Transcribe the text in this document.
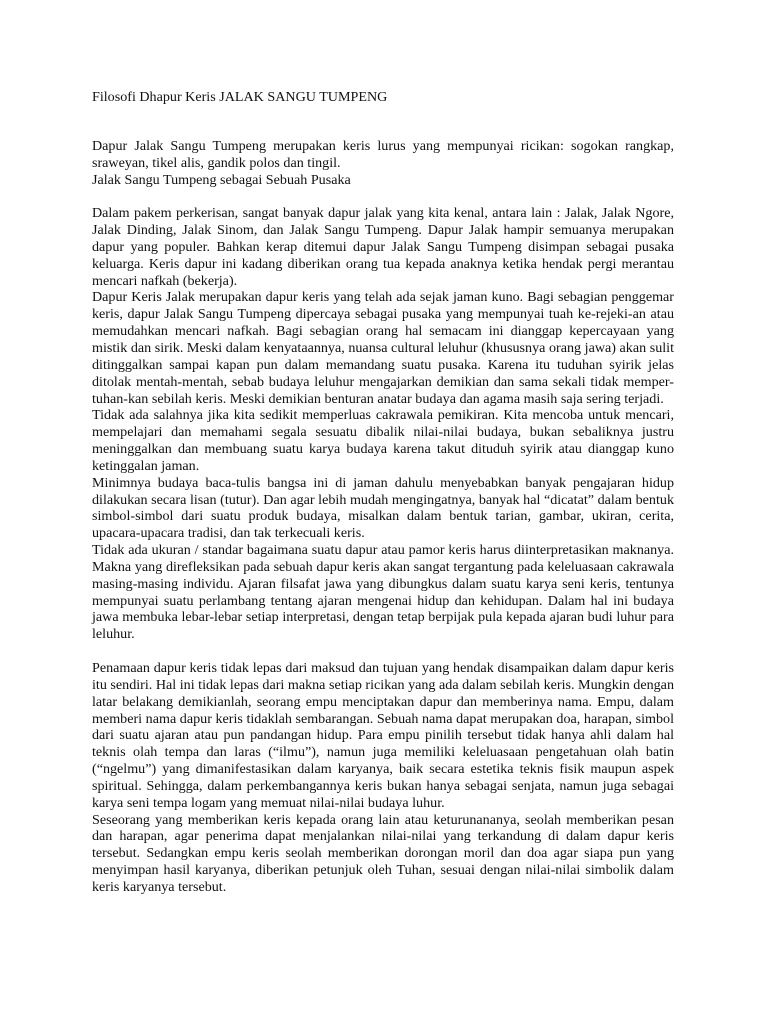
Filosofi Dhapur Keris JALAK SANGU TUMPENG

Dapur Jalak Sangu Tumpeng merupakan keris lurus yang mempunyai ricikan: sogokan rangkap, sraweyan, tikel alis, gandik polos dan tingil.

Jalak Sangu Tumpeng sebagai Sebuah Pusaka

Dalam pakem perkerisan, sangat banyak dapur jalak yang kita kenal, antara lain : Jalak, Jalak Ngore, Jalak Dinding, Jalak Sinom, dan Jalak Sangu Tumpeng. Dapur Jalak hampir semuanya merupakan dapur yang populer. Bahkan kerap ditemui dapur Jalak Sangu Tumpeng disimpan sebagai pusaka keluarga. Keris dapur ini kadang diberikan orang tua kepada anaknya ketika hendak pergi merantau mencari nafkah (bekerja).

Dapur Keris Jalak merupakan dapur keris yang telah ada sejak jaman kuno. Bagi sebagian penggemar keris, dapur Jalak Sangu Tumpeng dipercaya sebagai pusaka yang mempunyai tuah ke-rejeki-an atau memudahkan mencari nafkah. Bagi sebagian orang hal semacam ini dianggap kepercayaan yang mistik dan sirik. Meski dalam kenyataannya, nuansa cultural leluhur (khususnya orang jawa) akan sulit ditinggalkan sampai kapan pun dalam memandang suatu pusaka. Karena itu tuduhan syirik jelas ditolak mentah-mentah, sebab budaya leluhur mengajarkan demikian dan sama sekali tidak memper-tuhan-kan sebilah keris. Meski demikian benturan anatar budaya dan agama masih saja sering terjadi.

Tidak ada salahnya jika kita sedikit memperluas cakrawala pemikiran. Kita mencoba untuk mencari, mempelajari dan memahami segala sesuatu dibalik nilai-nilai budaya, bukan sebaliknya justru meninggalkan dan membuang suatu karya budaya karena takut dituduh syirik atau dianggap kuno ketinggalan jaman.

Minimnya budaya baca-tulis bangsa ini di jaman dahulu menyebabkan banyak pengajaran hidup dilakukan secara lisan (tutur). Dan agar lebih mudah mengingatnya, banyak hal “dicatat” dalam bentuk simbol-simbol dari suatu produk budaya, misalkan dalam bentuk tarian, gambar, ukiran, cerita, upacara-upacara tradisi, dan tak terkecuali keris.

Tidak ada ukuran / standar bagaimana suatu dapur atau pamor keris harus diinterpretasikan maknanya. Makna yang direfleksikan pada sebuah dapur keris akan sangat tergantung pada keleluasaan cakrawala masing-masing individu. Ajaran filsafat jawa yang dibungkus dalam suatu karya seni keris, tentunya mempunyai suatu perlambang tentang ajaran mengenai hidup dan kehidupan. Dalam hal ini budaya jawa membuka lebar-lebar setiap interpretasi, dengan tetap berpijak pula kepada ajaran budi luhur para leluhur.

Penamaan dapur keris tidak lepas dari maksud dan tujuan yang hendak disampaikan dalam dapur keris itu sendiri. Hal ini tidak lepas dari makna setiap ricikan yang ada dalam sebilah keris. Mungkin dengan latar belakang demikianlah, seorang empu menciptakan dapur dan memberinya nama. Empu, dalam memberi nama dapur keris tidaklah sembarangan. Sebuah nama dapat merupakan doa, harapan, simbol dari suatu ajaran atau pun pandangan hidup. Para empu pinilih tersebut tidak hanya ahli dalam hal teknis olah tempa dan laras (“ilmu”), namun juga memiliki keleluasaan pengetahuan olah batin (“ngelmu”) yang dimanifestasikan dalam karyanya, baik secara estetika teknis fisik maupun aspek spiritual. Sehingga, dalam perkembangannya keris bukan hanya sebagai senjata, namun juga sebagai karya seni tempa logam yang memuat nilai-nilai budaya luhur.

Seseorang yang memberikan keris kepada orang lain atau keturunananya, seolah memberikan pesan dan harapan, agar penerima dapat menjalankan nilai-nilai yang terkandung di dalam dapur keris tersebut. Sedangkan empu keris seolah memberikan dorongan moril dan doa agar siapa pun yang menyimpan hasil karyanya, diberikan petunjuk oleh Tuhan, sesuai dengan nilai-nilai simbolik dalam keris karyanya tersebut.
